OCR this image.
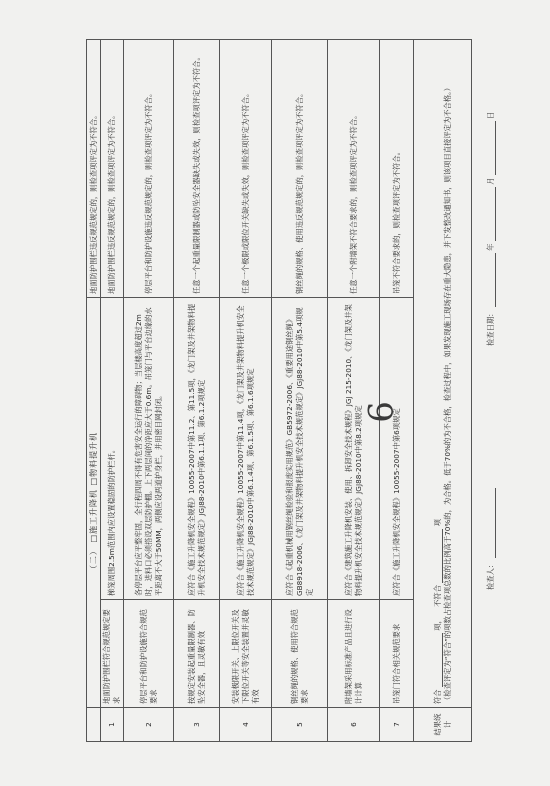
	（二） □施工升降机 □物料提升机		地面防护围栏违反规范规定的，则检查项评定为不符合。
1	地面防护围栏符合规范规定要求	梯笼周围2.5m范围内应设置稳固的防护栏杆。	地面防护围栏违反规范规定的，则检查项评定为不符合。
2	停层平台和防护设施符合规范要求	各停层平台应平整牢固，全行程四周不得有危害安全运行的障碍物；当层楼高度超过2m时，进料口必须搭设双层防护棚。上下两层间的净距应大于0.6m。吊笼门与平台边缘的水平距离不大于50MM，两侧应设两道护身栏，并用密目网封闭。	停层平台和防护设施违反规范规定的，则检查项评定为不符合。
3	按规定安装起重量限制器、防坠安全器，且灵敏有效	应符合《施工升降机安全规程》10055-2007中第11.2、第11.5项，《龙门架及井架物料提升机安全技术规范规定》JGJ88-2010中第6.1.1项、第6.1.2项规定	任意一个起重量限制器或防坠安全器缺失或失效，则检查项评定为不符合。
4	安装极限开关、上限位开关及下限位开关等安全装置并灵敏有效	应符合《施工升降机安全规程》10055-2007中第11.4项，《龙门架及井架物料提升机安全技术规范规定》JGJ88-2010中第6.1.4项、第6.1.5项、第6.1.6项规定	任意一个极限或限位开关缺失或失效，则检查项评定为不符合。
5	钢丝绳的规格、使用符合规范要求	应符合《起重机械用钢丝绳检验和报废实用规范》GB5972-2006、《重要用途钢丝绳》GB8918-2006、《龙门架及井架物料提升机安全技术规范规定》JGJ88-2010中第5.4项规定	钢丝绳的规格、使用违反规范规定的，则检查项评定为不符合。
6	附墙架采用标准产品且进行设计计算	应符合《建筑施工升降机安装、使用、拆卸安全技术规程》JGJ 215-2010、《龙门架及井架物料提升机安全技术规范规定》JGJ88-2010中第8.2项规定	任意一个附墙架不符合要求的，则检查项评定为不符合。
7	吊笼门符合相关规范要求	应符合《施工升降机安全规程》10055-2007中第6项规定	吊笼不符合要求的，则检查项评定为不符合。
结果统计	符合  项，    不符合  项 （检查评定为“符合”的项数占检查项总数的比例高于70%的，为合格。低于70%的为不合格，检查过程中，如果发现施工现场存在重大隐患，并下发整改通知书，则该项目直接评定为不合格。）			检查人：
检查日期：  年  月  日
9
